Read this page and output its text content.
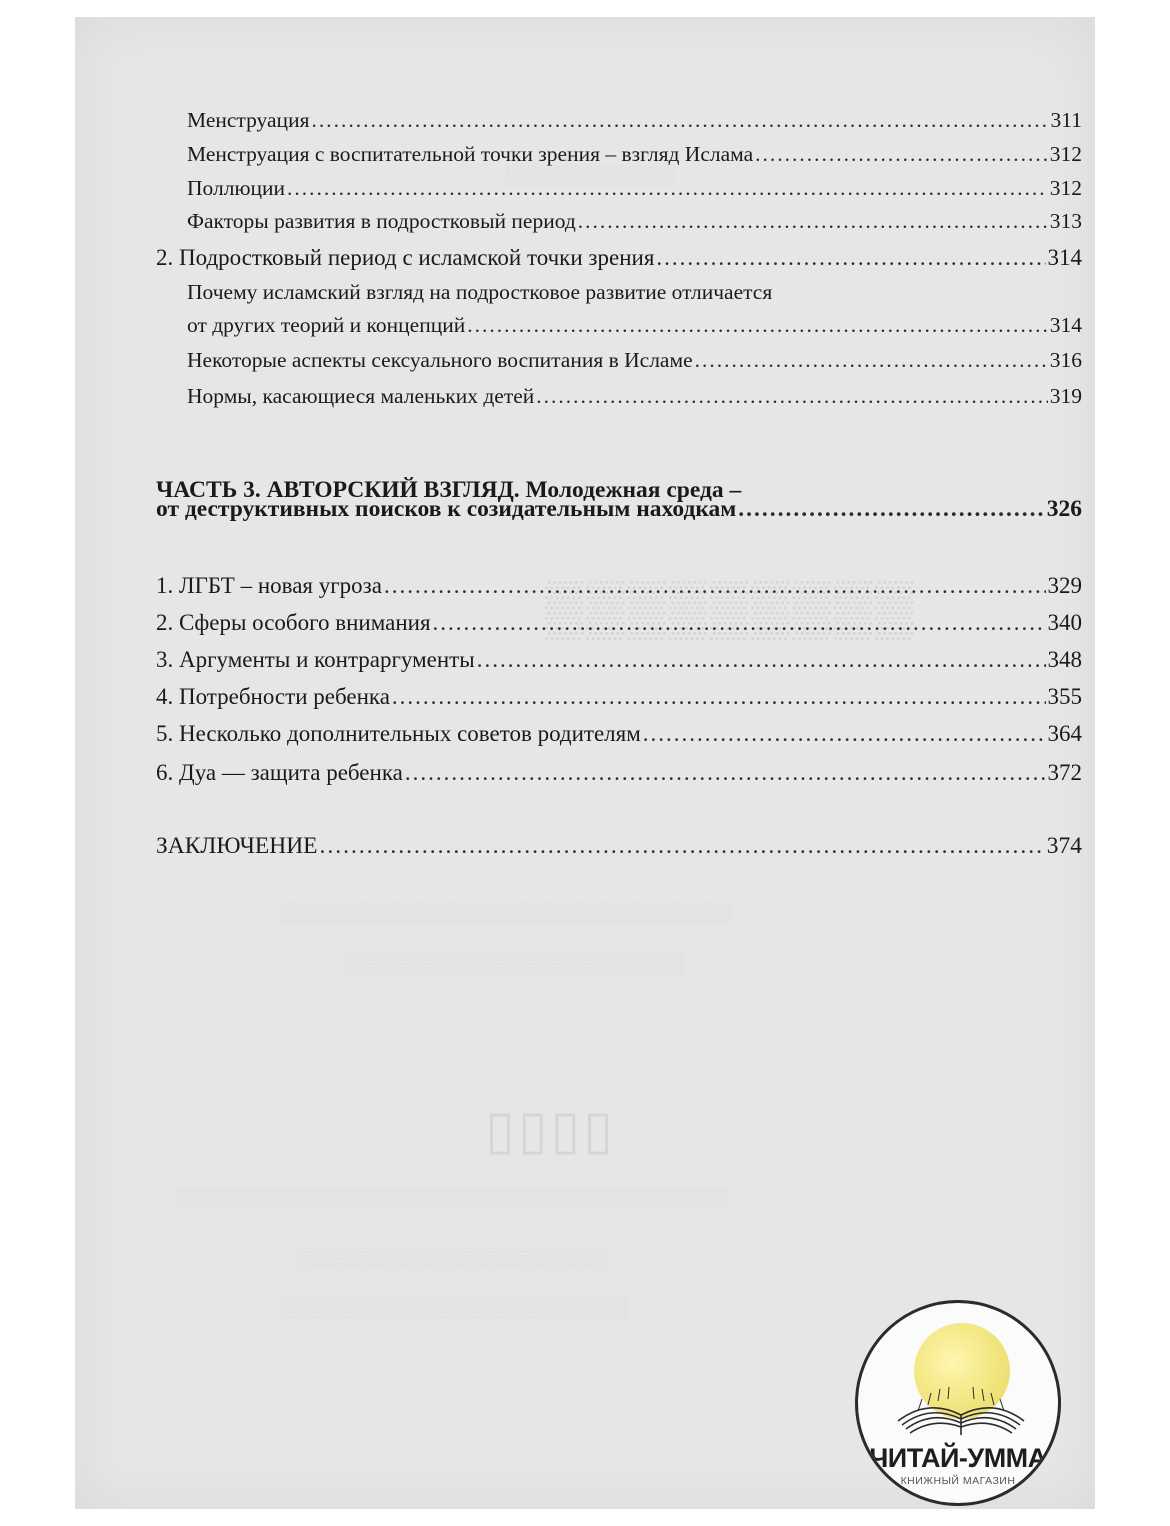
░░░░░░░░░░░░
▒▒▒▒▒▒▒▒▒
░░░░░░░░░░░░░░░░░░░░░░░░░░░░░░░░
░░░░░░░░░░░░░░░░░░░░░░░░
▯▯▯▯
░░░░░░░░░░░░░░░░░░░░░░░░░░░░░░░░░░░░░░░
░░░░░░░░░░░░░░░░░░░░░░
░░░░░░░░░░░░░░░░░░░░░░░░░
Менструация .....	311
Менструация с воспитательной точки зрения – взгляд Ислама .....	312
Поллюции .....	312
Факторы развития в подростковый период .....	313
2. Подростковый период с исламской точки зрения .....	314
Почему исламский взгляд на подростковое развитие отличается
от других теорий и концепций .....	314
Некоторые аспекты сексуального воспитания в Исламе .....	316
Нормы, касающиеся маленьких детей .....	319
ЧАСТЬ 3. АВТОРСКИЙ ВЗГЛЯД. Молодежная среда –
от деструктивных поисков к созидательным находкам .....	326
1. ЛГБТ – новая угроза .....	329
2. Сферы особого внимания .....	340
3. Аргументы и контраргументы .....	348
4. Потребности ребенка .....	355
5. Несколько дополнительных советов родителям .....	364
6. Дуа — защита ребенка .....	372
ЗАКЛЮЧЕНИЕ .....	374
ЧИТАЙ-УММА
КНИЖНЫЙ МАГАЗИН
